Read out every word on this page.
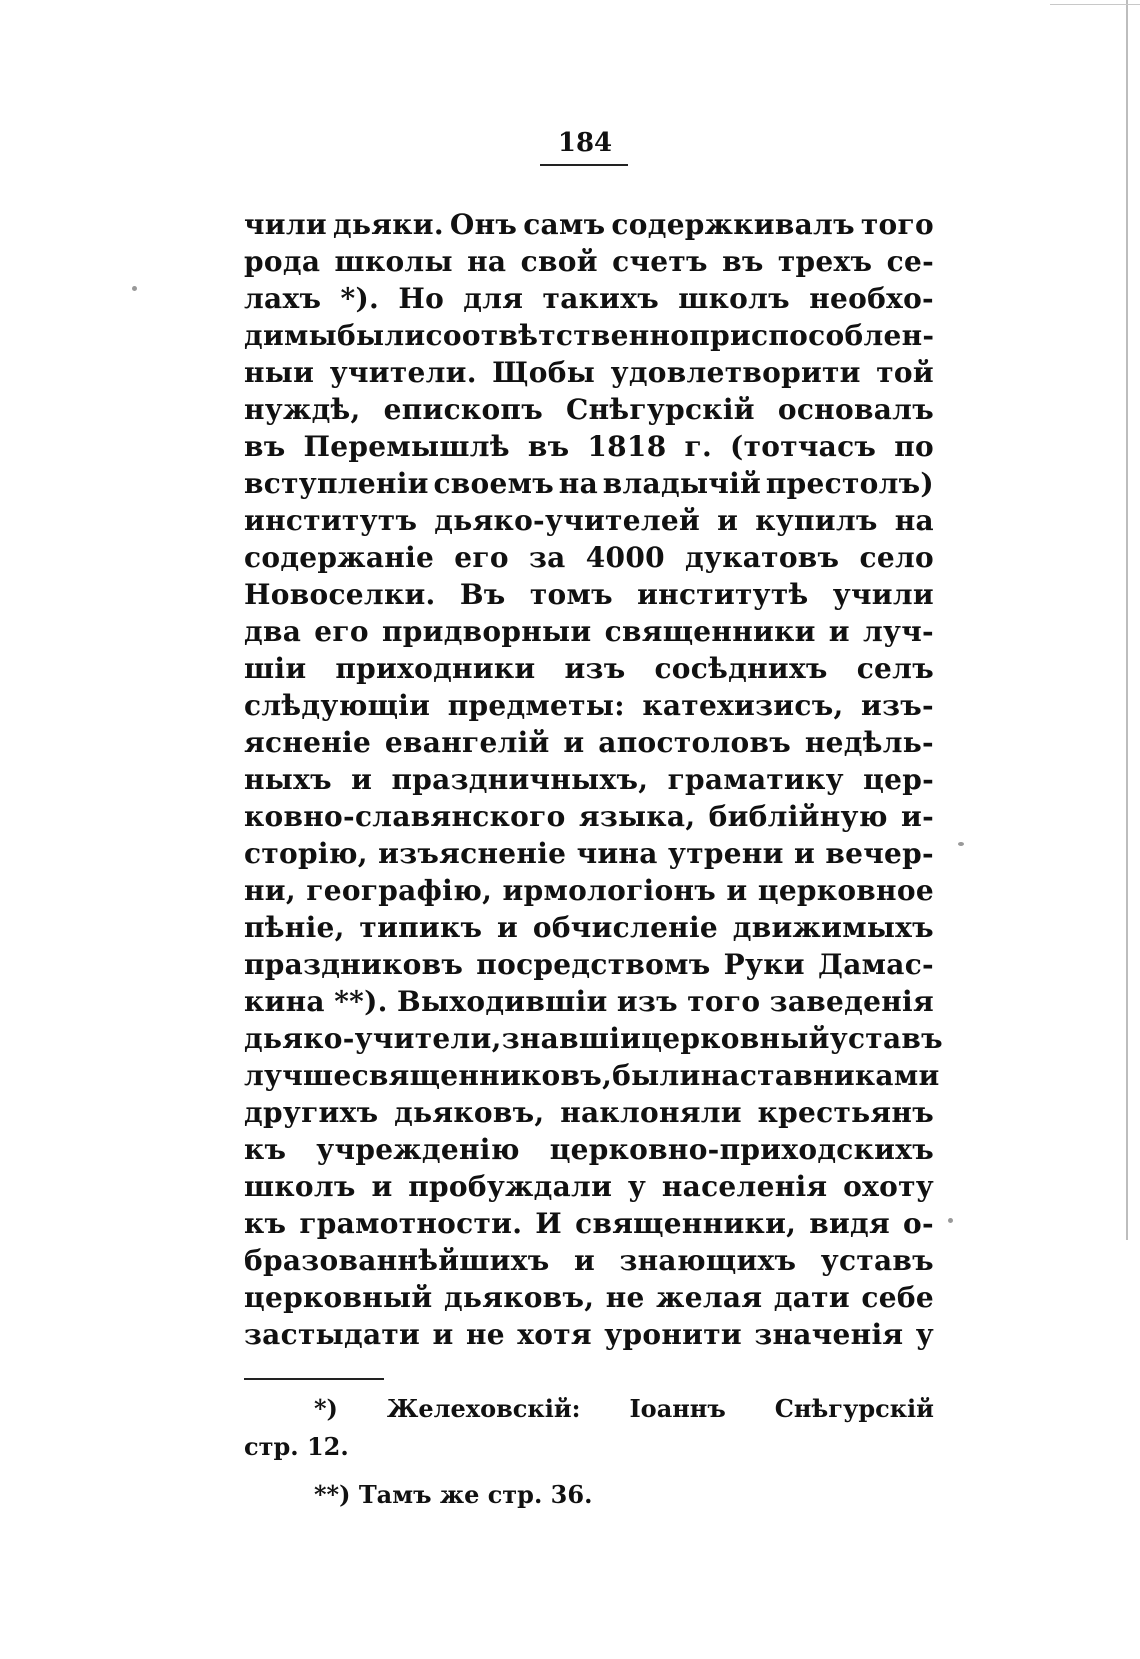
184
чили дьяки. Онъ самъ содержкивалъ того
рода школы на свой счетъ въ трехъ се-
лахъ *). Но для такихъ школъ необхо-
димы были соотвѣтственно приспособлен-
ныи учители. Щобы удовлетворити той
нуждѣ, епископъ Снѣгурскій основалъ
въ Перемышлѣ въ 1818 г. (тотчасъ по
вступленіи своемъ на владычій престолъ)
институтъ дьяко-учителей и купилъ на
содержаніе его за 4000 дукатовъ село
Новоселки. Въ томъ институтѣ учили
два его придворныи священники и луч-
шіи приходники изъ сосѣднихъ селъ
слѣдующіи предметы: катехизисъ, изъ-
ясненіе евангелій и апостоловъ недѣль-
ныхъ и праздничныхъ, граматику цер-
ковно-славянского языка, библійную и-
сторію, изъясненіе чина утрени и вечер-
ни, географію, ирмологіонъ и церковное
пѣніе, типикъ и обчисленіе движимыхъ
праздниковъ посредствомъ Руки Дамас-
кина **). Выходившіи изъ того заведенія
дьяко-учители, знавшіи церковный уставъ
лучше священниковъ, были наставниками
другихъ дьяковъ, наклоняли крестьянъ
къ учрежденію церковно-приходскихъ
школъ и пробуждали у населенія охоту
къ грамотности. И священники, видя о-
бразованнѣйшихъ и знающихъ уставъ
церковный дьяковъ, не желая дати себе
застыдати и не хотя уронити значенія у
*) Желеховскій: Іоаннъ Снѣгурскій
стр. 12.
**) Тамъ же стр. 36.
